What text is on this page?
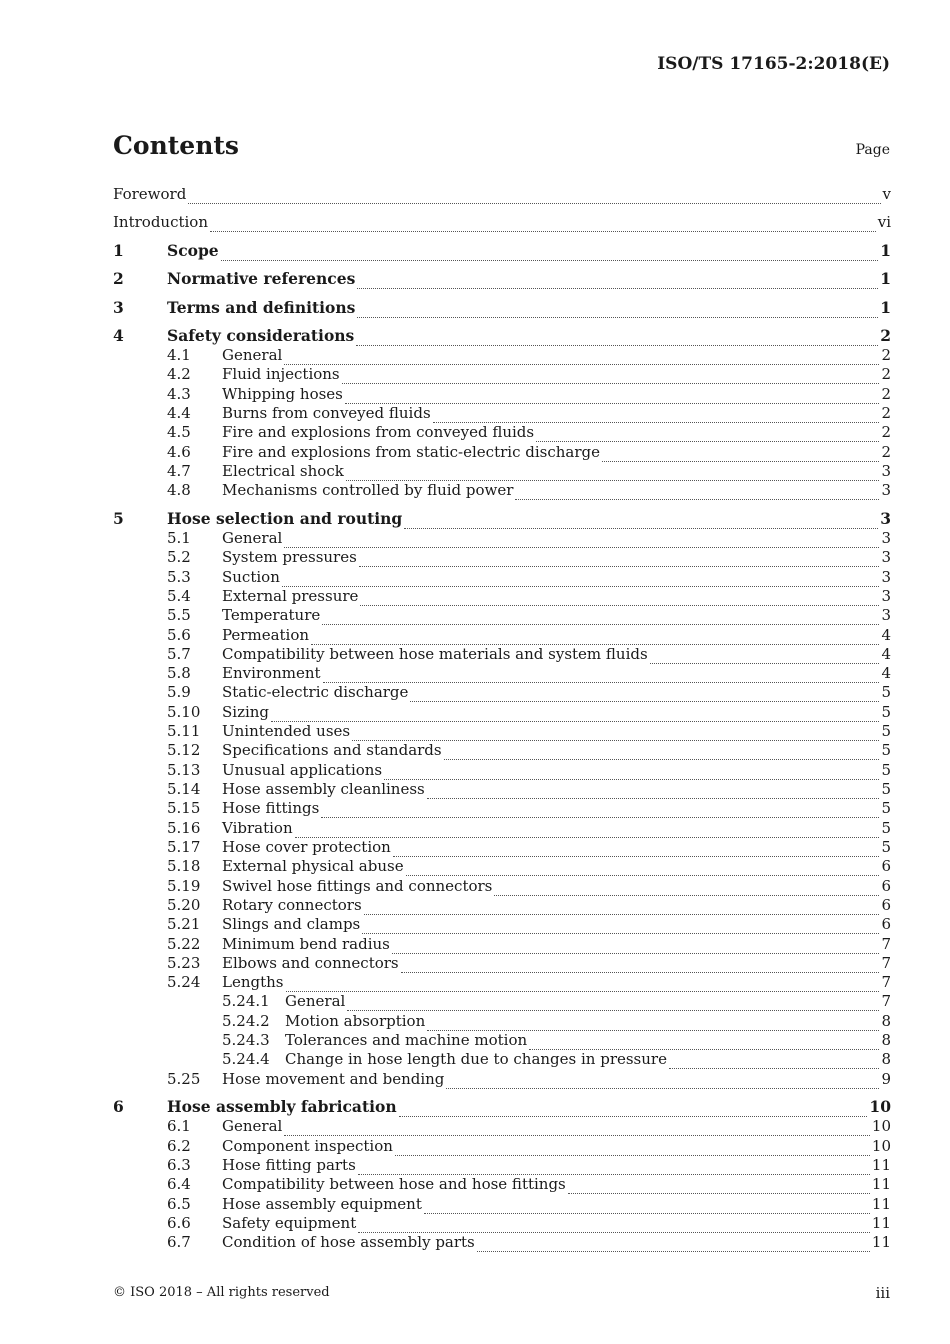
ISO/TS 17165-2:2018(E)
Contents	Page
Foreword	v
Introduction	vi
1	Scope	1
2	Normative references	1
3	Terms and definitions	1
4	Safety considerations	2
4.1	General	2
4.2	Fluid injections	2
4.3	Whipping hoses	2
4.4	Burns from conveyed fluids	2
4.5	Fire and explosions from conveyed fluids	2
4.6	Fire and explosions from static-electric discharge	2
4.7	Electrical shock	3
4.8	Mechanisms controlled by fluid power	3
5	Hose selection and routing	3
5.1	General	3
5.2	System pressures	3
5.3	Suction	3
5.4	External pressure	3
5.5	Temperature	3
5.6	Permeation	4
5.7	Compatibility between hose materials and system fluids	4
5.8	Environment	4
5.9	Static-electric discharge	5
5.10	Sizing	5
5.11	Unintended uses	5
5.12	Specifications and standards	5
5.13	Unusual applications	5
5.14	Hose assembly cleanliness	5
5.15	Hose fittings	5
5.16	Vibration	5
5.17	Hose cover protection	5
5.18	External physical abuse	6
5.19	Swivel hose fittings and connectors	6
5.20	Rotary connectors	6
5.21	Slings and clamps	6
5.22	Minimum bend radius	7
5.23	Elbows and connectors	7
5.24	Lengths	7
5.24.1	General	7
5.24.2	Motion absorption	8
5.24.3	Tolerances and machine motion	8
5.24.4	Change in hose length due to changes in pressure	8
5.25	Hose movement and bending	9
6	Hose assembly fabrication	10
6.1	General	10
6.2	Component inspection	10
6.3	Hose fitting parts	11
6.4	Compatibility between hose and hose fittings	11
6.5	Hose assembly equipment	11
6.6	Safety equipment	11
6.7	Condition of hose assembly parts	11
© ISO 2018 – All rights reserved	iii
